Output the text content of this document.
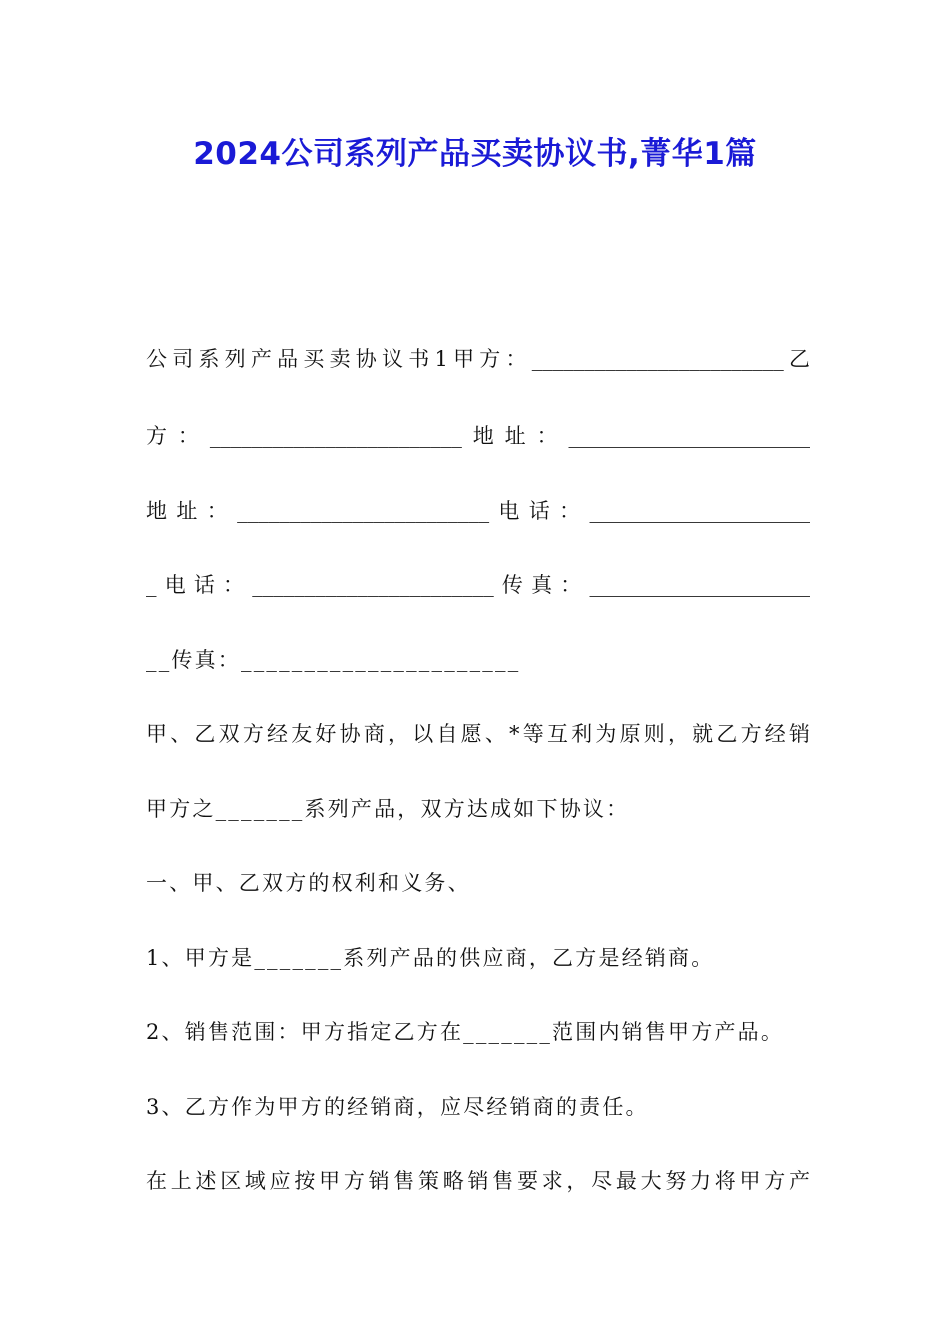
2024公司系列产品买卖协议书,菁华1篇

公司系列产品买卖协议书1甲方：________________________乙

方：________________________地址：_______________________

地址：________________________电话：_____________________

_电话：_______________________传真：_____________________

__传真：______________________

甲、乙双方经友好协商，以自愿、*等互利为原则，就乙方经销

甲方之_______系列产品，双方达成如下协议：

一、甲、乙双方的权利和义务、

1、甲方是_______系列产品的供应商，乙方是经销商。

2、销售范围：甲方指定乙方在_______范围内销售甲方产品。

3、乙方作为甲方的经销商，应尽经销商的责任。

在上述区域应按甲方销售策略销售要求，尽最大努力将甲方产
